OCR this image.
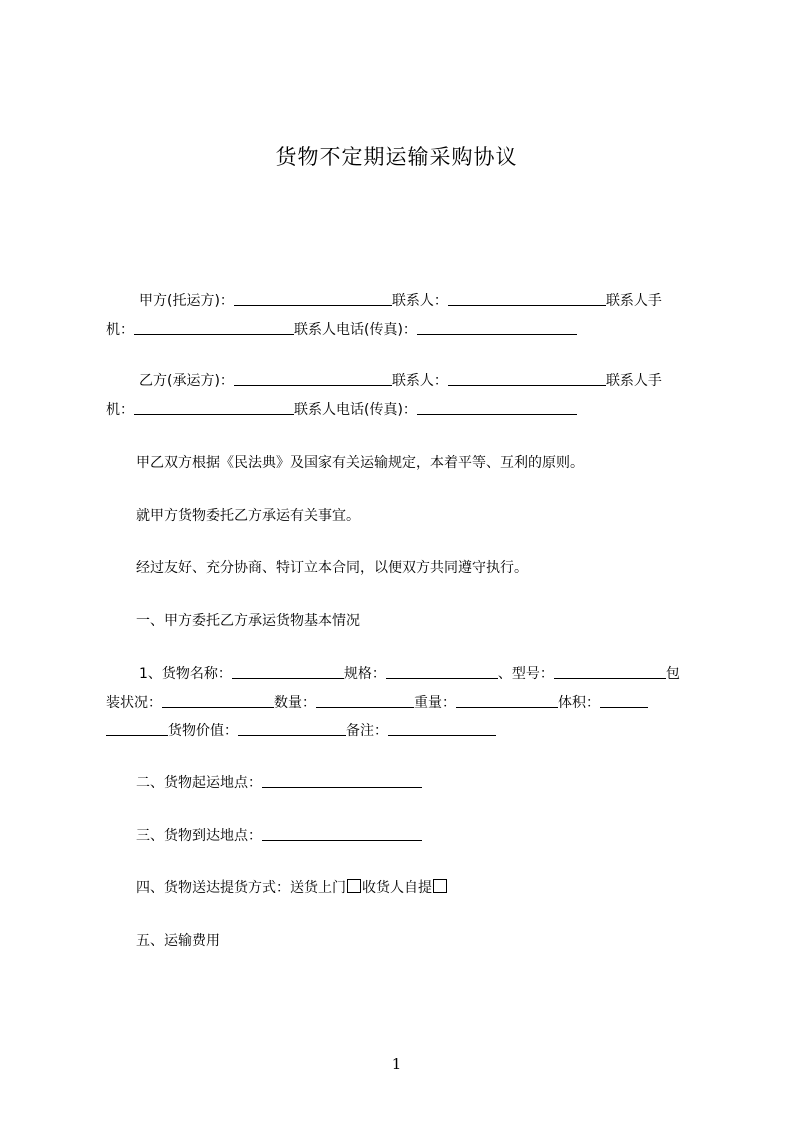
货物不定期运输采购协议
甲方(托运方)：	联系人：	联系人手
机：	联系人电话(传真)：
乙方(承运方)：	联系人：	联系人手
机：	联系人电话(传真)：
甲乙双方根据《民法典》及国家有关运输规定，本着平等、互利的原则。
就甲方货物委托乙方承运有关事宜。
经过友好、充分协商、特订立本合同，以便双方共同遵守执行。
一、甲方委托乙方承运货物基本情况
1、货物名称：	规格：	、型号：	包
装状况：	数量：	重量：	体积：
货物价值：	备注：
二、货物起运地点：
三、货物到达地点：
四、货物送达提货方式：送货上门 收货人自提
五、运输费用
1
